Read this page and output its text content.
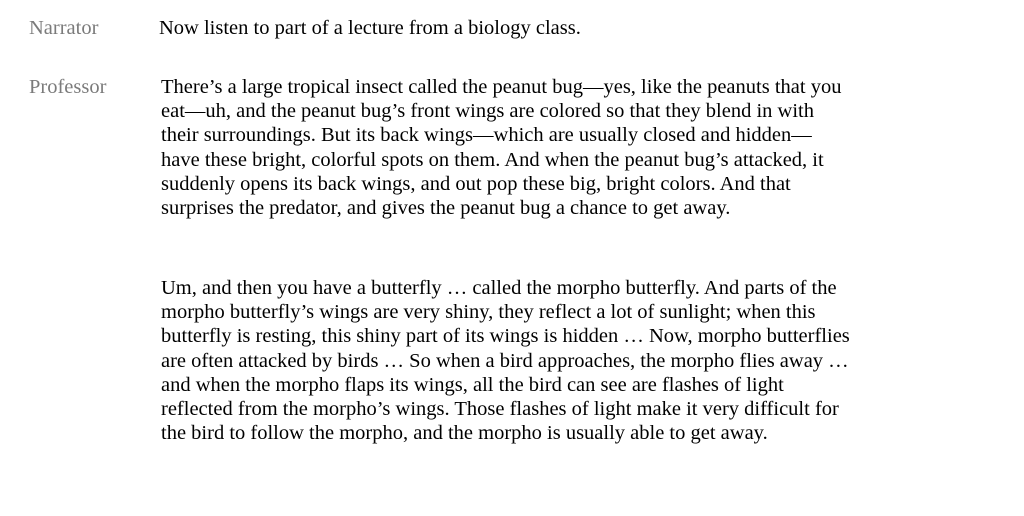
Narrator	Now listen to part of a lecture from a biology class.
Professor	There’s a large tropical insect called the peanut bug—yes, like the peanuts that you
eat—uh, and the peanut bug’s front wings are colored so that they blend in with
their surroundings. But its back wings—which are usually closed and hidden—
have these bright, colorful spots on them. And when the peanut bug’s attacked, it
suddenly opens its back wings, and out pop these big, bright colors. And that
surprises the predator, and gives the peanut bug a chance to get away.
Um, and then you have a butterfly … called the morpho butterfly. And parts of the
morpho butterfly’s wings are very shiny, they reflect a lot of sunlight; when this
butterfly is resting, this shiny part of its wings is hidden … Now, morpho butterflies
are often attacked by birds … So when a bird approaches, the morpho flies away …
and when the morpho flaps its wings, all the bird can see are flashes of light
reflected from the morpho’s wings. Those flashes of light make it very difficult for
the bird to follow the morpho, and the morpho is usually able to get away.
